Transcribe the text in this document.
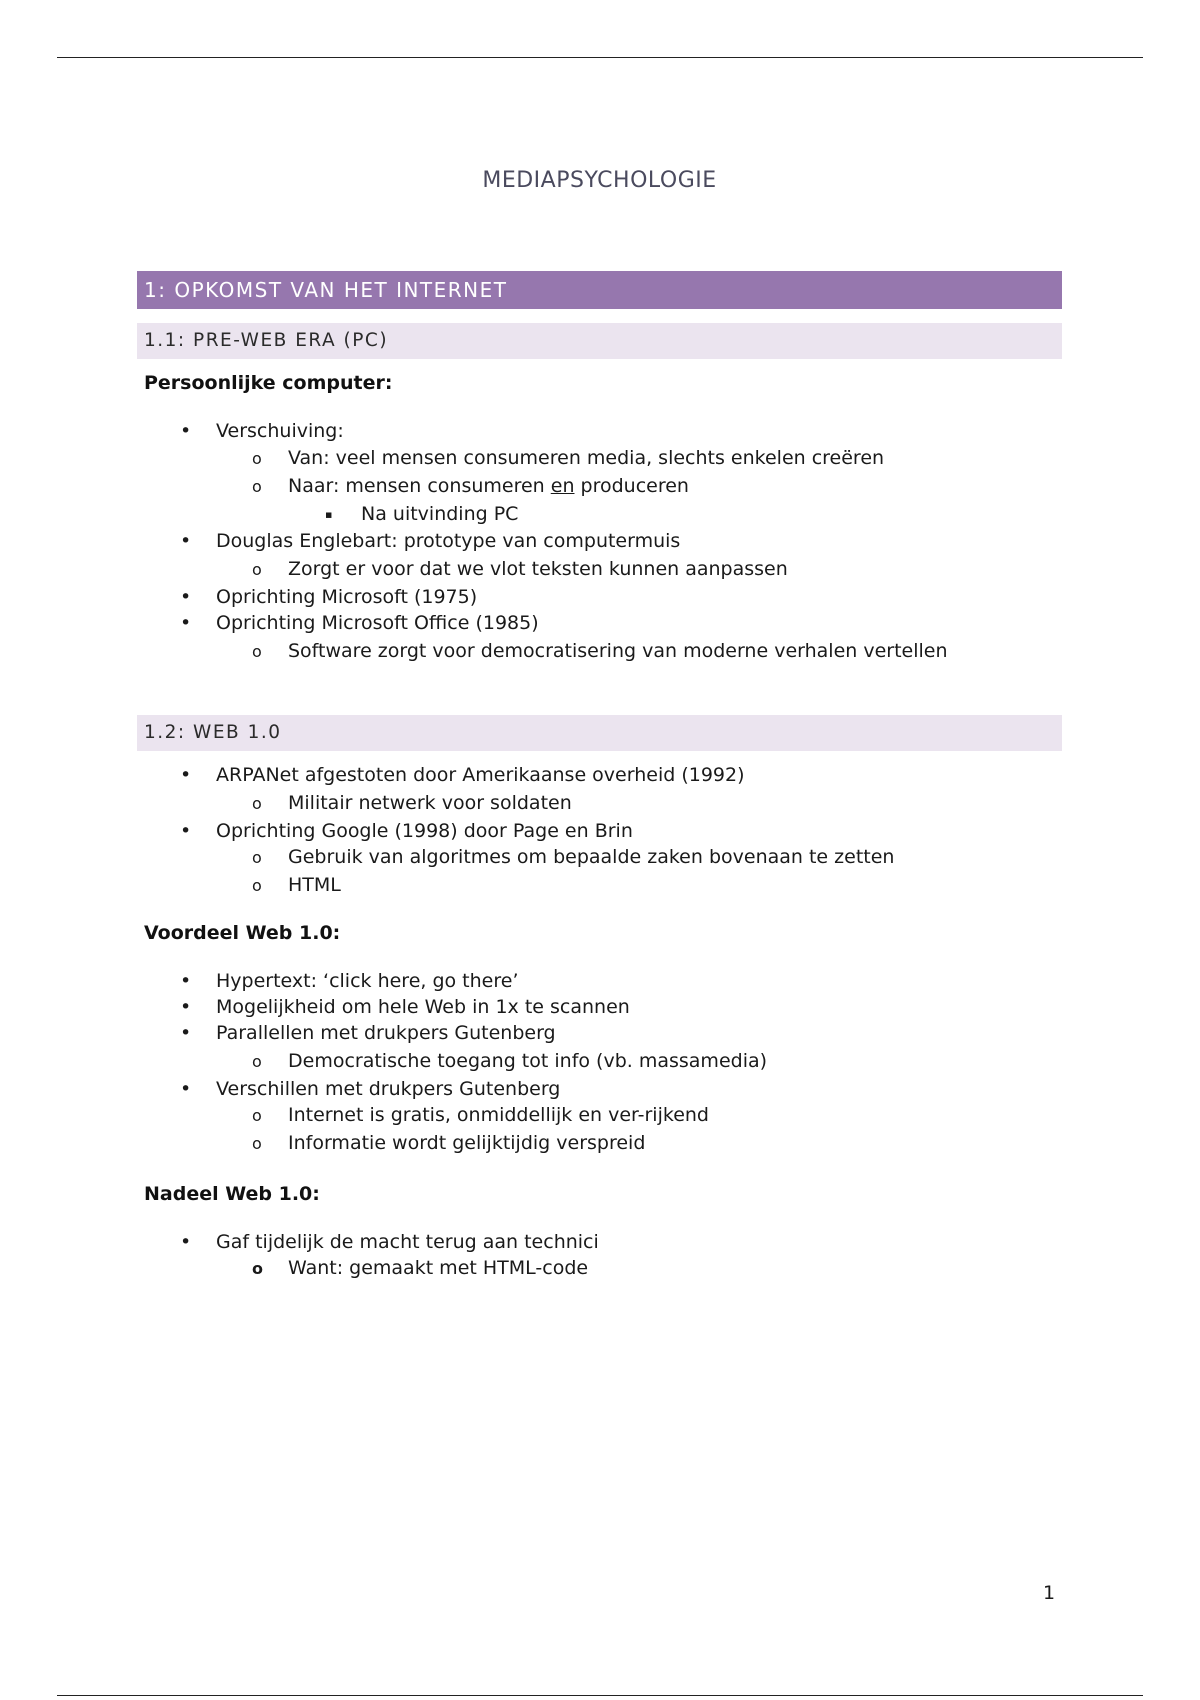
MEDIAPSYCHOLOGIE
1: OPKOMST VAN HET INTERNET
1.1: PRE-WEB ERA (PC)
Persoonlijke computer:
• Verschuiving:
o Van: veel mensen consumeren media, slechts enkelen creëren
o Naar: mensen consumeren en produceren
▪ Na uitvinding PC
• Douglas Englebart: prototype van computermuis
o Zorgt er voor dat we vlot teksten kunnen aanpassen
• Oprichting Microsoft (1975)
• Oprichting Microsoft Office (1985)
o Software zorgt voor democratisering van moderne verhalen vertellen
1.2: WEB 1.0
• ARPANet afgestoten door Amerikaanse overheid (1992)
o Militair netwerk voor soldaten
• Oprichting Google (1998) door Page en Brin
o Gebruik van algoritmes om bepaalde zaken bovenaan te zetten
o HTML
Voordeel Web 1.0:
• Hypertext: ‘click here, go there’
• Mogelijkheid om hele Web in 1x te scannen
• Parallellen met drukpers Gutenberg
o Democratische toegang tot info (vb. massamedia)
• Verschillen met drukpers Gutenberg
o Internet is gratis, onmiddellijk en ver-rijkend
o Informatie wordt gelijktijdig verspreid
Nadeel Web 1.0:
• Gaf tijdelijk de macht terug aan technici
o Want: gemaakt met HTML-code
1
